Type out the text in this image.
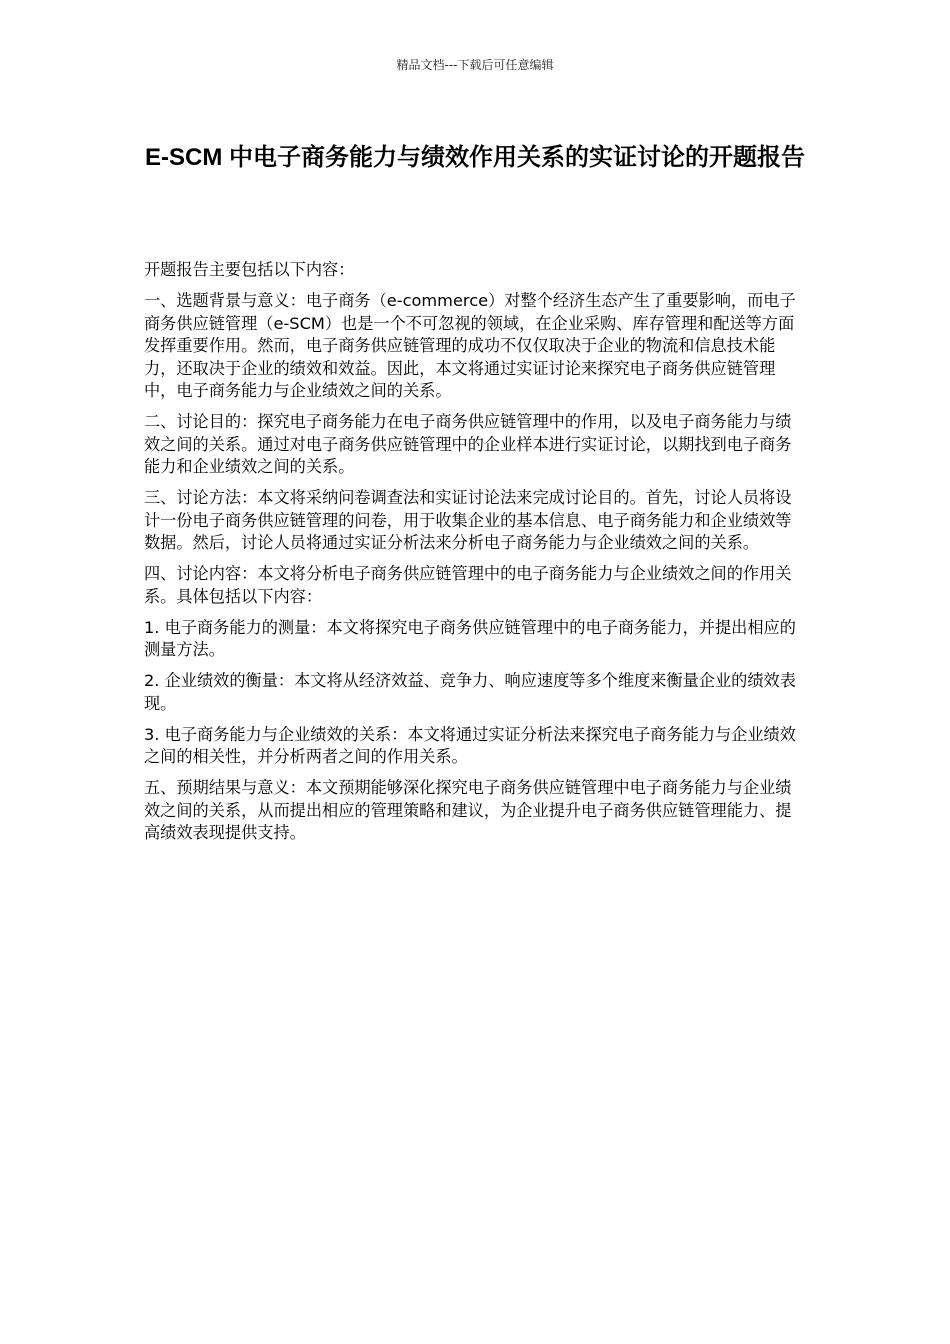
精品文档---下载后可任意编辑
E-SCM 中电子商务能力与绩效作用关系的实证讨论的开题报告

开题报告主要包括以下内容：

一、选题背景与意义：电子商务（e-commerce）对整个经济生态产生了重要影响，而电子商务供应链管理（e-SCM）也是一个不可忽视的领域，在企业采购、库存管理和配送等方面发挥重要作用。然而，电子商务供应链管理的成功不仅仅取决于企业的物流和信息技术能力，还取决于企业的绩效和效益。因此，本文将通过实证讨论来探究电子商务供应链管理中，电子商务能力与企业绩效之间的关系。

二、讨论目的：探究电子商务能力在电子商务供应链管理中的作用，以及电子商务能力与绩效之间的关系。通过对电子商务供应链管理中的企业样本进行实证讨论，以期找到电子商务能力和企业绩效之间的关系。

三、讨论方法：本文将采纳问卷调查法和实证讨论法来完成讨论目的。首先，讨论人员将设计一份电子商务供应链管理的问卷，用于收集企业的基本信息、电子商务能力和企业绩效等数据。然后，讨论人员将通过实证分析法来分析电子商务能力与企业绩效之间的关系。

四、讨论内容：本文将分析电子商务供应链管理中的电子商务能力与企业绩效之间的作用关系。具体包括以下内容：

1. 电子商务能力的测量：本文将探究电子商务供应链管理中的电子商务能力，并提出相应的测量方法。

2. 企业绩效的衡量：本文将从经济效益、竞争力、响应速度等多个维度来衡量企业的绩效表现。

3. 电子商务能力与企业绩效的关系：本文将通过实证分析法来探究电子商务能力与企业绩效之间的相关性，并分析两者之间的作用关系。

五、预期结果与意义：本文预期能够深化探究电子商务供应链管理中电子商务能力与企业绩效之间的关系，从而提出相应的管理策略和建议，为企业提升电子商务供应链管理能力、提高绩效表现提供支持。
